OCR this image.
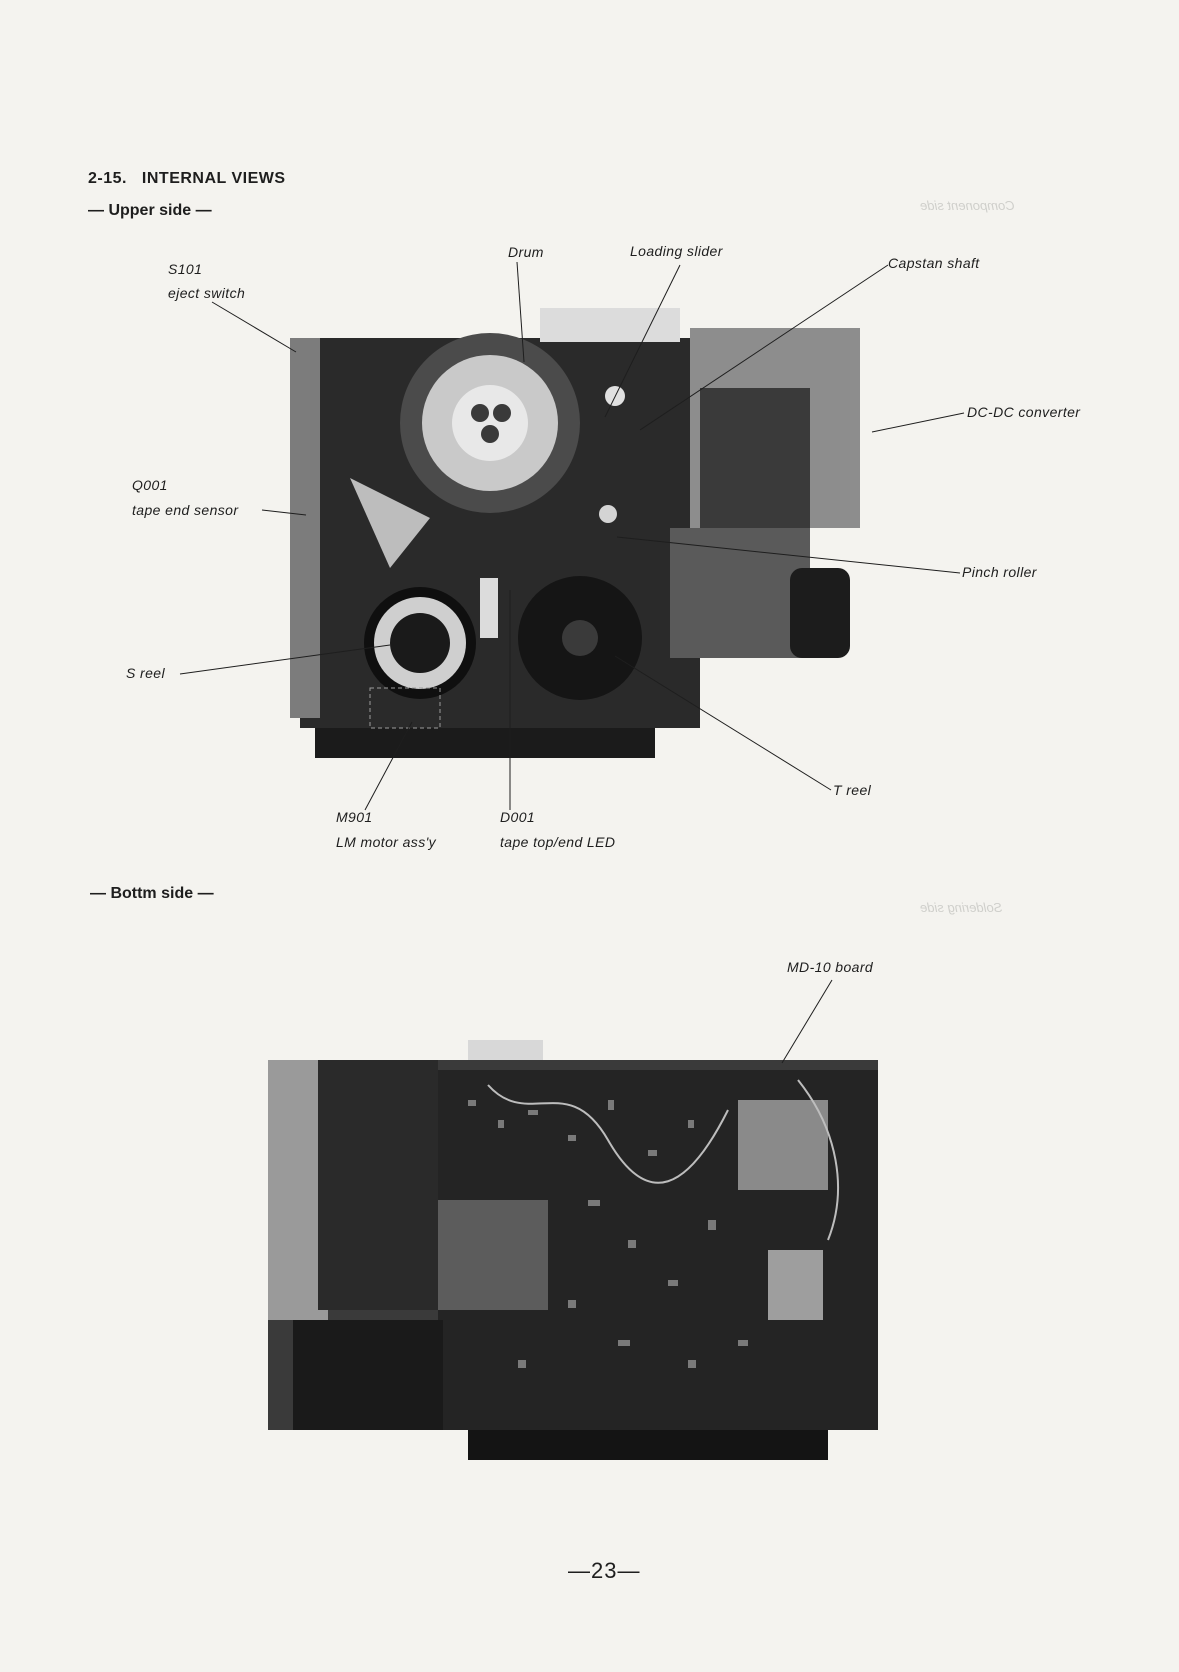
Component side
Soldering side
2-15. INTERNAL VIEWS
— Upper side —
S101
eject switch
Drum	Loading slider
Capstan shaft
DC-DC converter
Q001
tape end sensor
Pinch roller
S reel
T reel
M901
LM motor ass'y
D001
tape top/end LED
— Bottm side —
MD-10 board
—23—
